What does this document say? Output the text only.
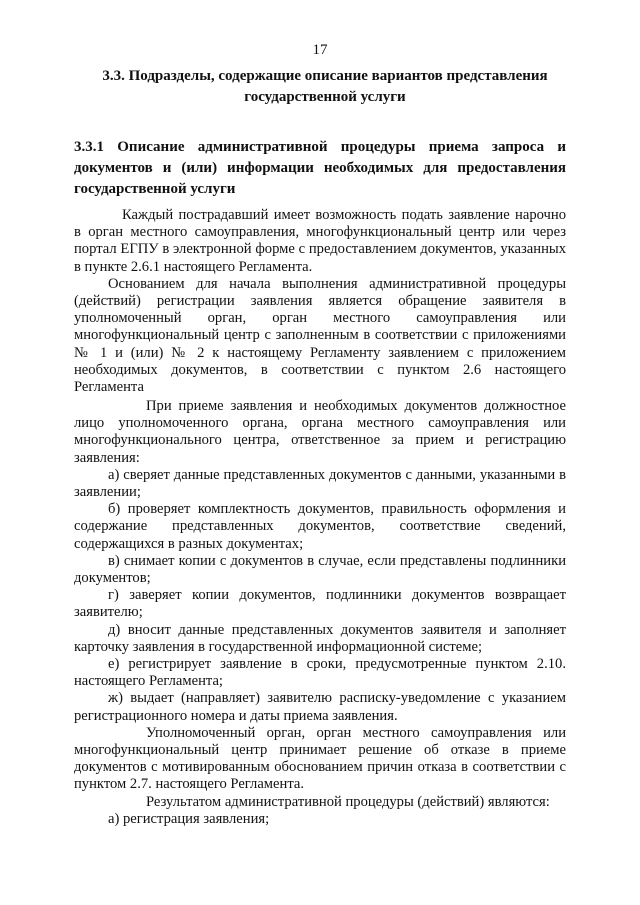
17
3.3. Подразделы, содержащие описание вариантов представления государственной услуги
3.3.1 Описание административной процедуры приема запроса и документов и (или) информации необходимых для предоставления государственной услуги

Каждый пострадавший имеет возможность подать заявление нарочно в орган местного самоуправления, многофункциональный центр или через портал ЕГПУ в электронной форме с предоставлением документов, указанных в пункте 2.6.1 настоящего Регламента.

Основанием для начала выполнения административной процедуры (действий) регистрации заявления является обращение заявителя в уполномоченный орган, орган местного самоуправления или многофункциональный центр с заполненным в соответствии с приложениями № 1 и (или) № 2 к настоящему Регламенту заявлением с приложением необходимых документов, в соответствии с пунктом 2.6 настоящего Регламента

При приеме заявления и необходимых документов должностное лицо уполномоченного органа, органа местного самоуправления или многофункционального центра, ответственное за прием и регистрацию заявления:

а) сверяет данные представленных документов с данными, указанными в заявлении;

б) проверяет комплектность документов, правильность оформления и содержание представленных документов, соответствие сведений, содержащихся в разных документах;

в) снимает копии с документов в случае, если представлены подлинники документов;

г) заверяет копии документов, подлинники документов возвращает заявителю;

д) вносит данные представленных документов заявителя и заполняет карточку заявления в государственной информационной системе;

е) регистрирует заявление в сроки, предусмотренные пунктом 2.10. настоящего Регламента;

ж) выдает (направляет) заявителю расписку-уведомление с указанием регистрационного номера и даты приема заявления.

Уполномоченный орган, орган местного самоуправления или многофункциональный центр принимает решение об отказе в приеме документов с мотивированным обоснованием причин отказа в соответствии с пунктом 2.7. настоящего Регламента.

Результатом административной процедуры (действий) являются:

а) регистрация заявления;
